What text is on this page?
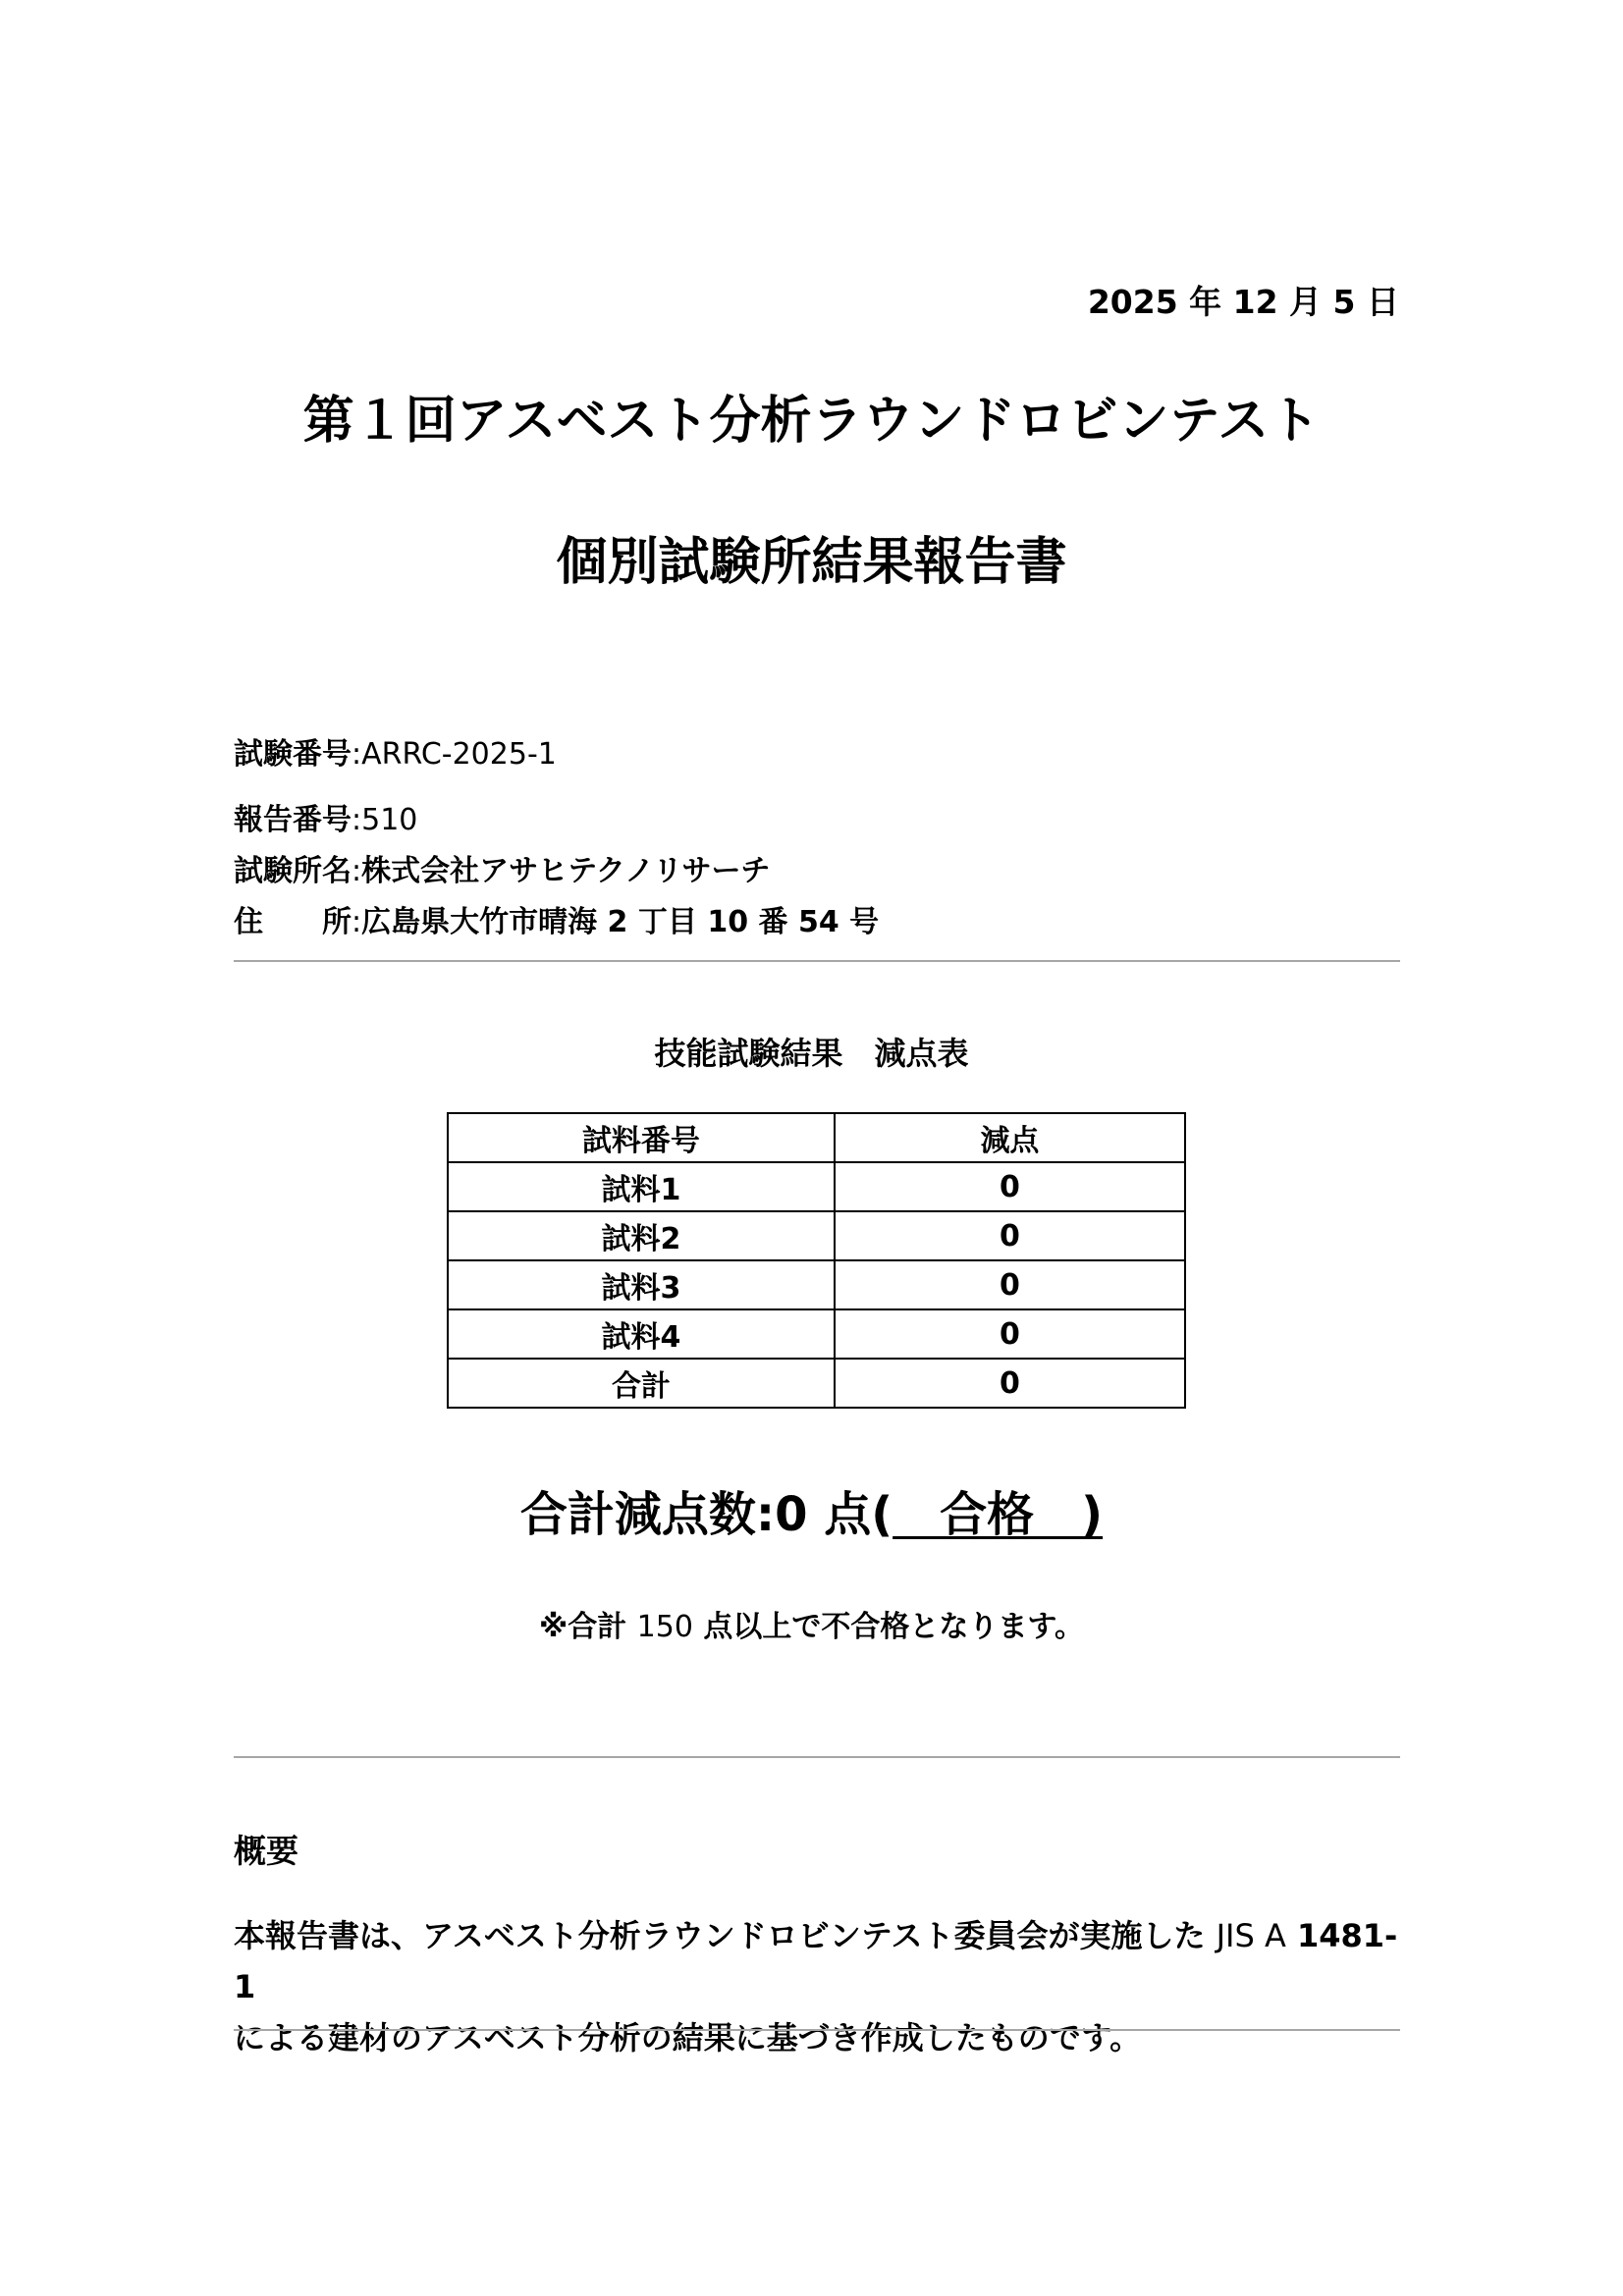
2025 年 12 月 5 日
第１回アスベスト分析ラウンドロビンテスト
個別試験所結果報告書
試験番号:ARRC-2025-1
報告番号:510
試験所名:株式会社アサヒテクノリサーチ
住　　所:広島県大竹市晴海 2 丁目 10 番 54 号
技能試験結果　減点表
試料番号	減点
試料1	0
試料2	0
試料3	0
試料4	0
合計	0
合計減点数:0 点(　合格　)
※合計 150 点以上で不合格となります。
概要
本報告書は、アスベスト分析ラウンドロビンテスト委員会が実施した JIS A 1481-1
による建材のアスベスト分析の結果に基づき作成したものです。
